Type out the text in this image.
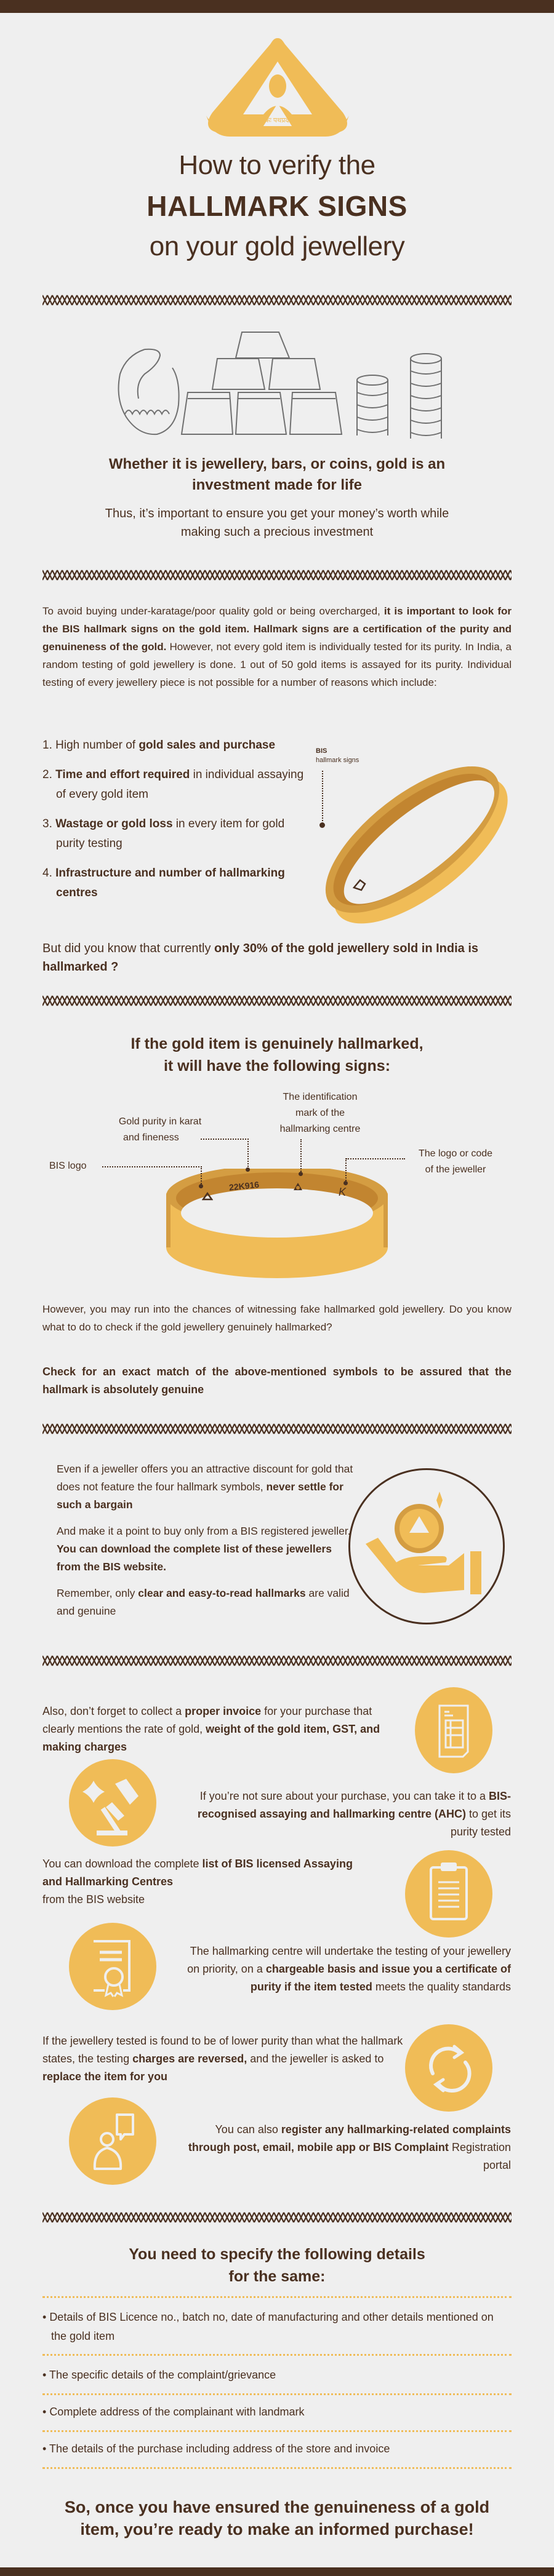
मानकः पथप्रदर्शकः
How to verify the
HALLMARK SIGNS
on your gold jewellery
Whether it is jewellery, bars, or coins, gold is an investment made for life
Thus, it’s important to ensure you get your money’s worth while making such a precious investment
To avoid buying under-karatage/poor quality gold or being overcharged, it is important to look for the BIS hallmark signs on the gold item. Hallmark signs are a certification of the purity and genuineness of the gold. However, not every gold item is individually tested for its purity. In India, a random testing of gold jewellery is done. 1 out of 50 gold items is assayed for its purity. Individual testing of every jewellery piece is not possible for a number of reasons which include:
1. High number of gold sales and purchase
2. Time and effort required in individual assaying of every gold item
3. Wastage or gold loss in every item for gold purity testing
4. Infrastructure and number of hallmarking centres
BIS
hallmark signs
But did you know that currently only 30% of the gold jewellery sold in India is hallmarked ?
If the gold item is genuinely hallmarked,
it will have the following signs:
22K916	K
BIS logo
Gold purity in karat
and fineness
The identification
mark of the
hallmarking centre
The logo or code
of the jeweller
However, you may run into the chances of witnessing fake hallmarked gold jewellery. Do you know what to do to check if the gold jewellery genuinely hallmarked?
Check for an exact match of the above-mentioned symbols to be assured that the hallmark is absolutely genuine

Even if a jeweller offers you an attractive discount for gold that does not feature the four hallmark symbols, never settle for such a bargain

And make it a point to buy only from a BIS registered jeweller. You can download the complete list of these jewellers from the BIS website.

Remember, only clear and easy-to-read hallmarks are valid and genuine

Also, don’t forget to collect a proper invoice for your purchase that clearly mentions the rate of gold, weight of the gold item, GST, and making charges
If you’re not sure about your purchase, you can take it to a BIS-recognised assaying and hallmarking centre (AHC) to get its purity tested
You can download the complete list of BIS licensed Assaying and Hallmarking Centres
from the BIS website
The hallmarking centre will undertake the testing of your jewellery on priority, on a chargeable basis and issue you a certificate of purity if the item tested meets the quality standards
If the jewellery tested is found to be of lower purity than what the hallmark states, the testing charges are reversed, and the jeweller is asked to replace the item for you
You can also register any hallmarking-related complaints through post, email, mobile app or BIS Complaint Registration portal
You need to specify the following details
for the same:
• Details of BIS Licence no., batch no, date of manufacturing and other details mentioned on the gold item
• The specific details of the complaint/grievance
• Complete address of the complainant with landmark
• The details of the purchase including address of the store and invoice
So, once you have ensured the genuineness of a gold
item, you’re ready to make an informed purchase!
